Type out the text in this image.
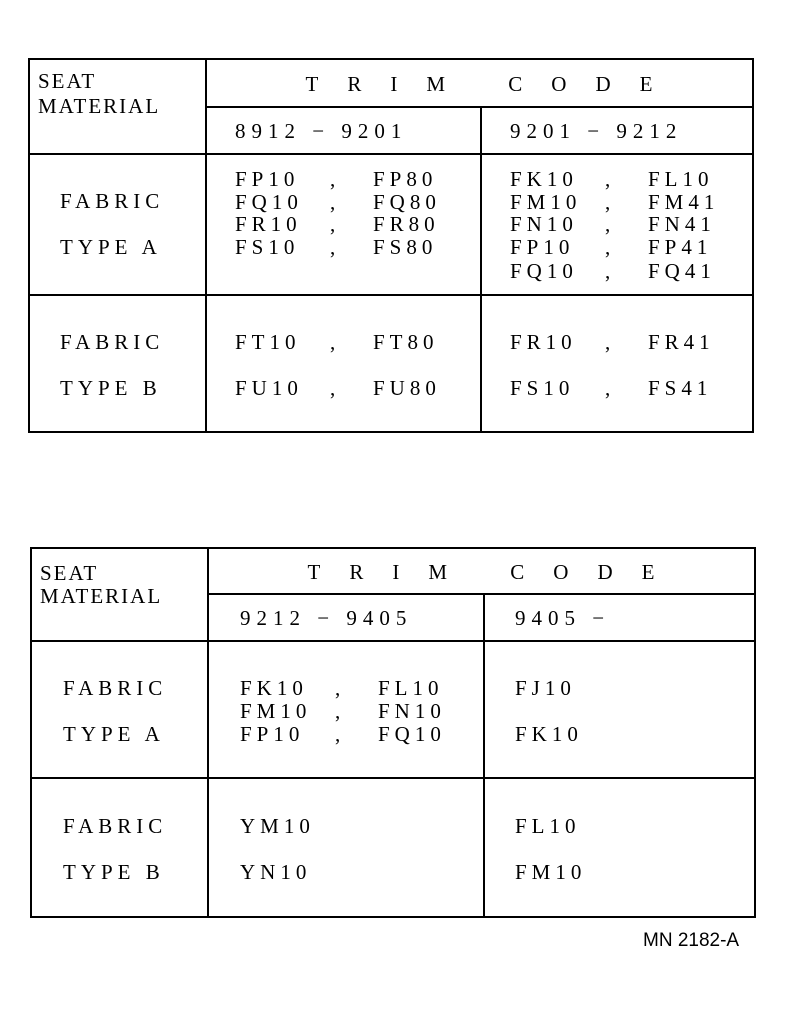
MN 2182-A
SEAT
MATERIAL
TRIM CODE
8912 − 9201	9201 − 9212
FABRIC
TYPE A
FP10 , FP80
FQ10 , FQ80
FR10 , FR80
FS10 , FS80
FK10 , FL10
FM10 , FM41
FN10 , FN41
FP10 , FP41
FQ10 , FQ41
FABRIC
TYPE B
FT10 , FT80
FU10 , FU80
FR10 , FR41
FS10 , FS41
SEAT
MATERIAL
TRIM CODE
9212 − 9405	9405 −
FABRIC
TYPE A
FK10 , FL10
FM10 , FN10
FP10 , FQ10
FJ10
FK10
FABRIC
TYPE B
YM10
YN10
FL10
FM10
